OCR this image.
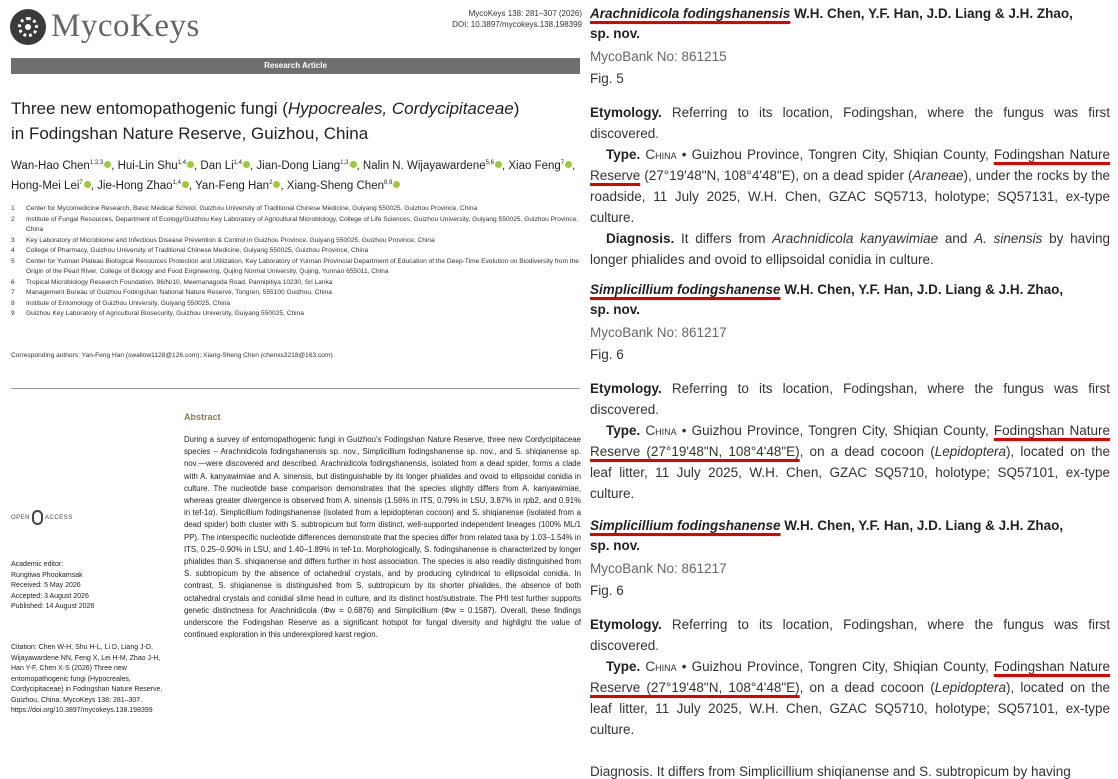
MycoKeys	MycoKeys 138: 281–307 (2026)
DOI: 10.3897/mycokeys.138.198399
Research Article
Three new entomopathogenic fungi (Hypocreales, Cordycipitaceae)
in Fodingshan Nature Reserve, Guizhou, China
Wan-Hao Chen$^{1,2,3}$ , Hui-Lin Shu$^{1,4}$ , Dan Li$^{1,4}$ , Jian-Dong Liang$^{1,3}$ , Nalin N. Wijayawardene$^{5,6}$ , Xiao Feng$^7$ , Hong-Mei Lei$^7$ , Jie-Hong Zhao$^{1,4}$ , Yan-Feng Han$^2$ , Xiang-Sheng Chen$^{8,9}$
1	Center for Mycomedicine Research, Basic Medical School, Guizhou University of Traditional Chinese Medicine, Guiyang 550025, Guizhou Province, China
2	Institute of Fungal Resources, Department of Ecology/Guizhou Key Laboratory of Agricultural Microbiology, College of Life Sciences, Guizhou University, Guiyang 550025, Guizhou Province, China
3	Key Laboratory of Microbiome and Infectious Disease Prevention & Control in Guizhou Province, Guiyang 550025, Guizhou Province, China
4	College of Pharmacy, Guizhou University of Traditional Chinese Medicine, Guiyang 550025, Guizhou Province, China
5	Center for Yunnan Plateau Biological Resources Protection and Utilization, Key Laboratory of Yunnan Provincial Department of Education of the Deep-Time Evolution on Biodiversity from the Origin of the Pearl River, College of Biology and Food Engineering, Qujing Normal University, Qujing, Yunnan 655011, China
6	Tropical Microbiology Research Foundation, 96/N/10, Meemanagoda Road, Pannipitiya 10230, Sri Lanka
7	Management Bureau of Guizhou Fodingshan National Nature Reserve, Tongren, 555100 Guizhou, China
8	Institute of Entomology of Guizhou University, Guiyang 550025, China
9	Guizhou Key Laboratory of Agricultural Biosecurity, Guizhou University, Guiyang 550025, China
Corresponding authors: Yan-Feng Han (swallow1128@126.com); Xiang-Sheng Chen (chenxs3218@163.com)
Abstract
During a survey of entomopathogenic fungi in Guizhou's Fodingshan Nature Reserve, three new Cordycipitaceae species – Arachnidicola fodingshanensis sp. nov., Simplicillium fodingshanense sp. nov., and S. shiqianense sp. nov.—were discovered and described. Arachnidicola fodingshanensis, isolated from a dead spider, forms a clade with A. kanyawimiae and A. sinensis, but distinguishable by its longer phialides and ovoid to ellipsoidal conidia in culture. The nucleotide base comparison demonstrates that the species slightly differs from A. kanyawimiae, whereas greater divergence is observed from A. sinensis (1.56% in ITS, 0.79% in LSU, 3.87% in rpb2, and 0.91% in tef-1α). Simplicillium fodingshanense (isolated from a lepidopteran cocoon) and S. shiqianense (isolated from a dead spider) both cluster with S. subtropicum but form distinct, well-supported independent lineages (100% ML/1 PP). The interspecific nucleotide differences demonstrate that the species differ from related taxa by 1.03–1.54% in ITS, 0.25–0.90% in LSU, and 1.40–1.89% in tef-1α. Morphologically, S. fodingshanense is characterized by longer phialides than S. shiqianense and differs further in host association. The species is also readily distinguished from S. subtropicum by the absence of octahedral crystals, and by producing cylindrical to ellipsoidal conidia. In contrast, S. shiqianense is distinguished from S. subtropicum by its shorter phialides, the absence of both octahedral crystals and conidial slime head in culture, and its distinct host/substrate. The PHI test further supports genetic distinctness for Arachnidicola (Φw = 0.6876) and Simplicillium (Φw = 0.1587). Overall, these findings underscore the Fodingshan Reserve as a significant hotspot for fungal diversity and highlight the value of continued exploration in this underexplored karst region.
OPEN	ACCESS
Academic editor:
Rungtiwa Phookamsak
Received: 5 May 2026
Accepted: 3 August 2026
Published: 14 August 2026
Citation: Chen W-H, Shu H-L, Li D, Liang J-D, Wijayawardene NN, Feng X, Lei H-M, Zhao J-H, Han Y-F, Chen X-S (2026) Three new entomopathogenic fungi (Hypocreales, Cordycipitaceae) in Fodingshan Nature Reserve, Guizhou, China. MycoKeys 138: 281–307. https://doi.org/10.3897/mycokeys.138.198399
Arachnidicola fodingshanensis W.H. Chen, Y.F. Han, J.D. Liang & J.H. Zhao,
sp. nov.
MycoBank No: 861215
Fig. 5
Etymology. Referring to its location, Fodingshan, where the fungus was first discovered.
Type. China • Guizhou Province, Tongren City, Shiqian County, Fodingshan Nature Reserve (27°19'48"N, 108°4'48"E), on a dead spider (Araneae), under the rocks by the roadside, 11 July 2025, W.H. Chen, GZAC SQ5713, holotype; SQ57131, ex-type culture.
Diagnosis. It differs from Arachnidicola kanyawimiae and A. sinensis by having longer phialides and ovoid to ellipsoidal conidia in culture.
Simplicillium fodingshanense W.H. Chen, Y.F. Han, J.D. Liang & J.H. Zhao,
sp. nov.
MycoBank No: 861217
Fig. 6
Etymology. Referring to its location, Fodingshan, where the fungus was first discovered.
Type. China • Guizhou Province, Tongren City, Shiqian County, Fodingshan Nature Reserve (27°19'48"N, 108°4'48"E), on a dead cocoon (Lepidoptera), located on the leaf litter, 11 July 2025, W.H. Chen, GZAC SQ5710, holotype; SQ57101, ex-type culture.
Simplicillium fodingshanense W.H. Chen, Y.F. Han, J.D. Liang & J.H. Zhao,
sp. nov.
MycoBank No: 861217
Fig. 6
Etymology. Referring to its location, Fodingshan, where the fungus was first discovered.
Type. China • Guizhou Province, Tongren City, Shiqian County, Fodingshan Nature Reserve (27°19'48"N, 108°4'48"E), on a dead cocoon (Lepidoptera), located on the leaf litter, 11 July 2025, W.H. Chen, GZAC SQ5710, holotype; SQ57101, ex-type culture.
Diagnosis. It differs from Simplicillium shiqianense and S. subtropicum by having
